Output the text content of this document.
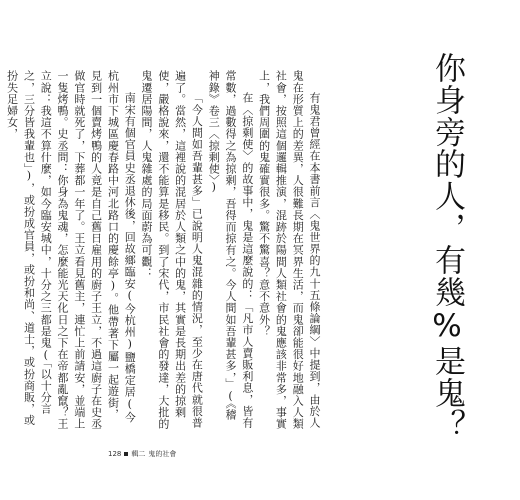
你身旁的人，有幾%是鬼？

有鬼君曾經在本書前言〈鬼世界的九十五條論綱〉中提到，由於人鬼在形質上的差異，人很難長期在冥界生活，而鬼卻能很好地融入人類社會，按照這個邏輯推演，混跡於陽間人類社會的鬼應該非常多，事實上，我們周圍的鬼確實很多。驚不驚喜？意不意外？

在〈掠剩使〉的故事中，鬼是這麼說的：「凡市人賣販利息，皆有常數，過數得之為掠剩，吾得而掠有之。今人間如吾輩甚多，」(《稽神錄》卷三〈掠剩使〉)

「今人間如吾輩甚多」已說明人鬼混雜的情況，至少在唐代就很普遍了。當然，這裡說的混居於人類之中的鬼，其實是長期出差的掠剩使，嚴格說來，還不能算是移民。到了宋代，市民社會的發達，大批的鬼遷居陽間，人鬼雜處的局面蔚為可觀：

南宋有個官員史丞退休後，回故鄉臨安(今杭州)鹽橋定居(今杭州市下城區慶春路中河北路口的慶餘亭)。他帶著下屬一起遊街，見到一個賣烤鴨的人竟是自己舊日雇用的廚子王立，不過這廚子在史丞做官時就死了，下葬都一年了。王立看見舊主，連忙上前請安，並端上一隻烤鴨。史丞問：你身為鬼魂，怎麼能光天化日之下在帝都亂竄？王立說：我這不算什麼，如今臨安城中，十分之三都是鬼(「以十分言之，三分皆我輩也」)，或扮成官員，或扮和尚、道士，或扮商販，或扮失足婦女，

128 輯二 鬼的社會
